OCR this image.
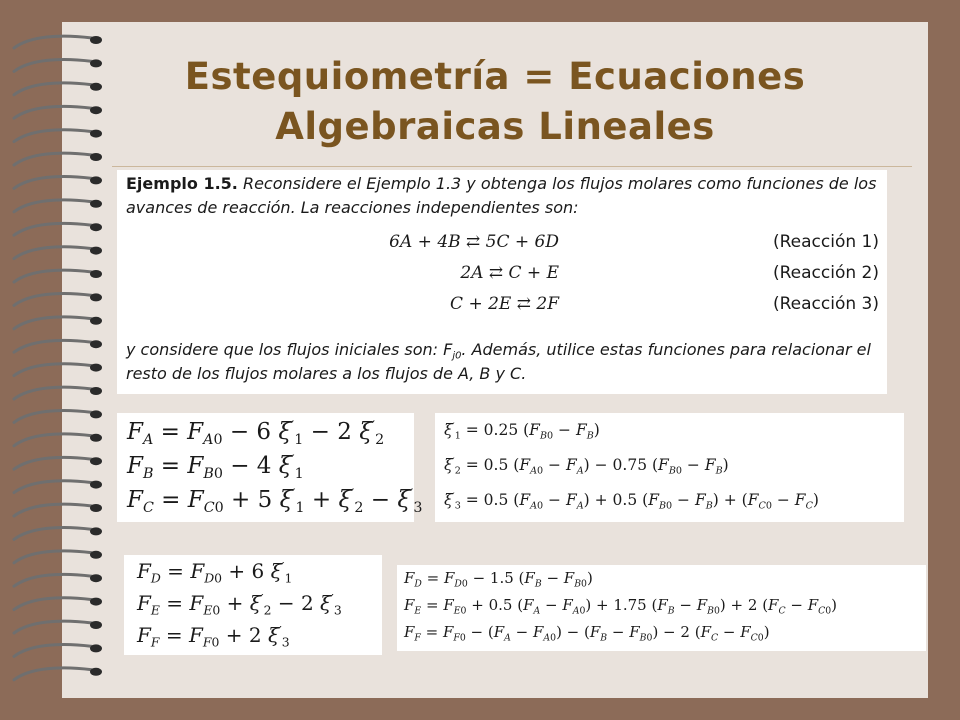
Estequiometría = Ecuaciones
Algebraicas Lineales
Ejemplo 1.5. Reconsidere el Ejemplo 1.3 y obtenga los flujos molares como funciones de los avances de reacción. La reacciones independientes son:
6A + 4B ⇄ 5C + 6D	(Reacción 1)
2A ⇄ C + E	(Reacción 2)
C + 2E ⇄ 2F	(Reacción 3)
y considere que los flujos iniciales son: $F_{j0}$. Además, utilice estas funciones para relacionar el resto de los flujos molares a los flujos de A, B y C.
$F_A = F_{A0} - 6$ $\xi'_1 - 2$ $\xi'_2$
$F_B = F_{B0} - 4$ $\xi'_1$
$F_C = F_{C0} + 5$ $\xi'_1 + \xi'_2 - \xi'_3$
$\xi'_1 = 0.25$ $(F_{B0} - F_B)$
$\xi'_2 = 0.5$ $(F_{A0} - F_A) - 0.75$ $(F_{B0} - F_B)$
$\xi'_3 = 0.5$ $(F_{A0} - F_A) + 0.5$ $(F_{B0} - F_B) + (F_{C0} - F_C)$
$F_D = F_{D0} + 6$ $\xi'_1$
$F_E = F_{E0} + \xi'_2 - 2$ $\xi'_3$
$F_F = F_{F0} + 2$ $\xi'_3$
$F_D = F_{D0} - 1.5$ $(F_B - F_{B0})$
$F_E = F_{E0} + 0.5$ $(F_A - F_{A0}) + 1.75$ $(F_B - F_{B0}) + 2$ $(F_C - F_{C0})$
$F_F = F_{F0} - (F_A - F_{A0}) - (F_B - F_{B0}) - 2$ $(F_C - F_{C0})$
